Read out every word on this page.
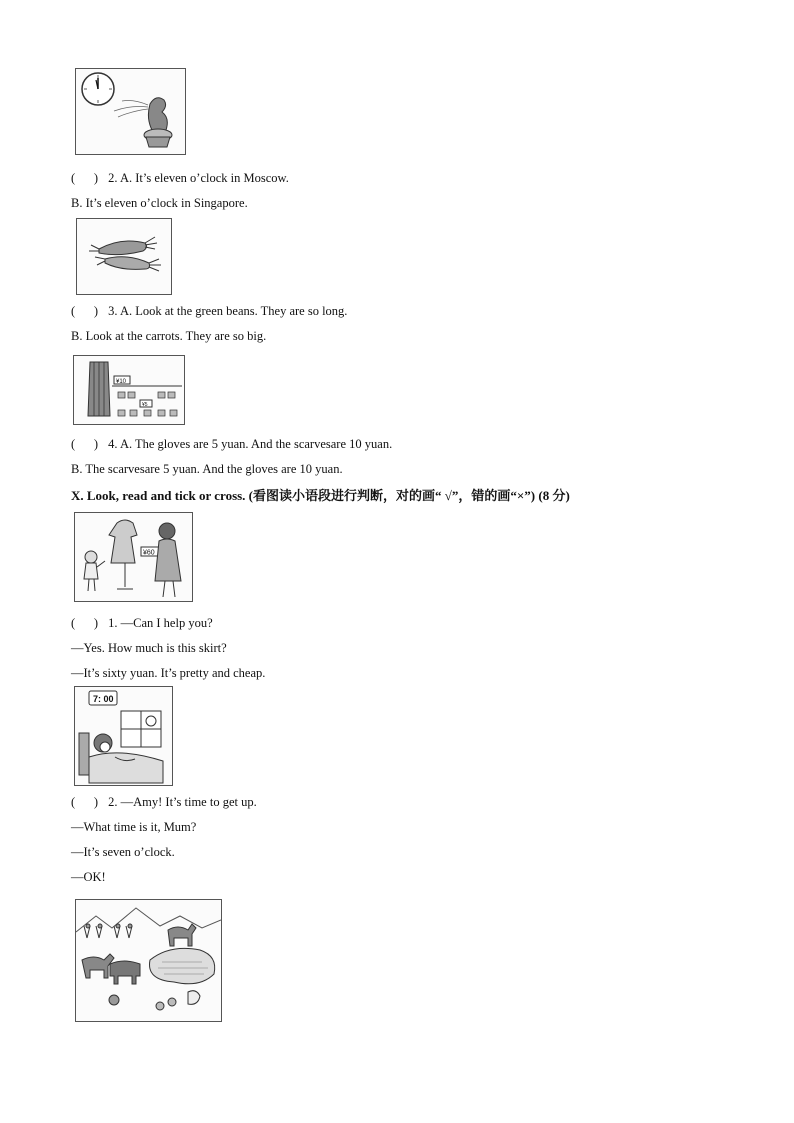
( ) 2. A. It’s eleven o’clock in Moscow.
B. It’s eleven o’clock in Singapore.
( ) 3. A. Look at the green beans. They are so long.
B. Look at the carrots. They are so big.
¥10
¥5
( ) 4. A. The gloves are 5 yuan. And the scarvesare 10 yuan.
B. The scarvesare 5 yuan. And the gloves are 10 yuan.
X. Look, read and tick or cross. (看图读小语段进行判断，对的画“ √”，错的画“×”) (8 分)
¥60
(      ) 1. —Can I help you?
—Yes. How much is this skirt?
—It’s sixty yuan. It’s pretty and cheap.
7: 00
(      ) 2. —Amy! It’s time to get up.
—What time is it, Mum?
—It’s seven o’clock.
—OK!
